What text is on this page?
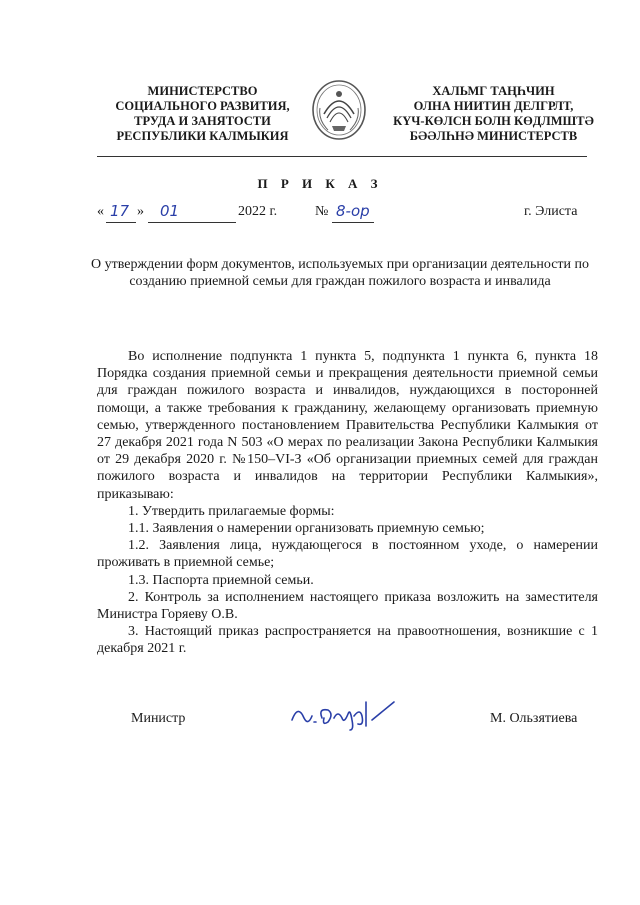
МИНИСТЕРСТВО
СОЦИАЛЬНОГО РАЗВИТИЯ,
ТРУДА И ЗАНЯТОСТИ
РЕСПУБЛИКИ КАЛМЫКИЯ
ХАЛЬМГ ТАҢҺЧИН
ОЛНА НИИТИН ДЕЛГРЛТ,
КҮЧ-КӨЛСН БОЛН КӨДЛМШТӘ
БӘӘЛҺНӘ МИНИСТЕРСТВ
П Р И К А З
« 17 » 01	2022 г.	№ 8-ор	г. Элиста
О утверждении форм документов, используемых при организации деятельности по созданию приемной семьи для граждан пожилого возраста и инвалида

Во исполнение подпункта 1 пункта 5, подпункта 1 пункта 6, пункта 18 Порядка создания приемной семьи и прекращения деятельности приемной семьи для граждан пожилого возраста и инвалидов, нуждающихся в посторонней помощи, а также требования к гражданину, желающему организовать приемную семью, утвержденного постановлением Правительства Республики Калмыкия от 27 декабря 2021 года N 503 «О мерах по реализации Закона Республики Калмыкия от 29 декабря 2020 г. №150–VI-З «Об организации приемных семей для граждан пожилого возраста и инвалидов на территории Республики Калмыкия», приказываю:

1. Утвердить прилагаемые формы:

1.1. Заявления о намерении организовать приемную семью;

1.2. Заявления лица, нуждающегося в постоянном уходе, о намерении проживать в приемной семье;

1.3. Паспорта приемной семьи.

2. Контроль за исполнением настоящего приказа возложить на заместителя Министра Горяеву О.В.

3. Настоящий приказ распространяется на правоотношения, возникшие с 1 декабря 2021 г.

Министр	М. Ользятиева
